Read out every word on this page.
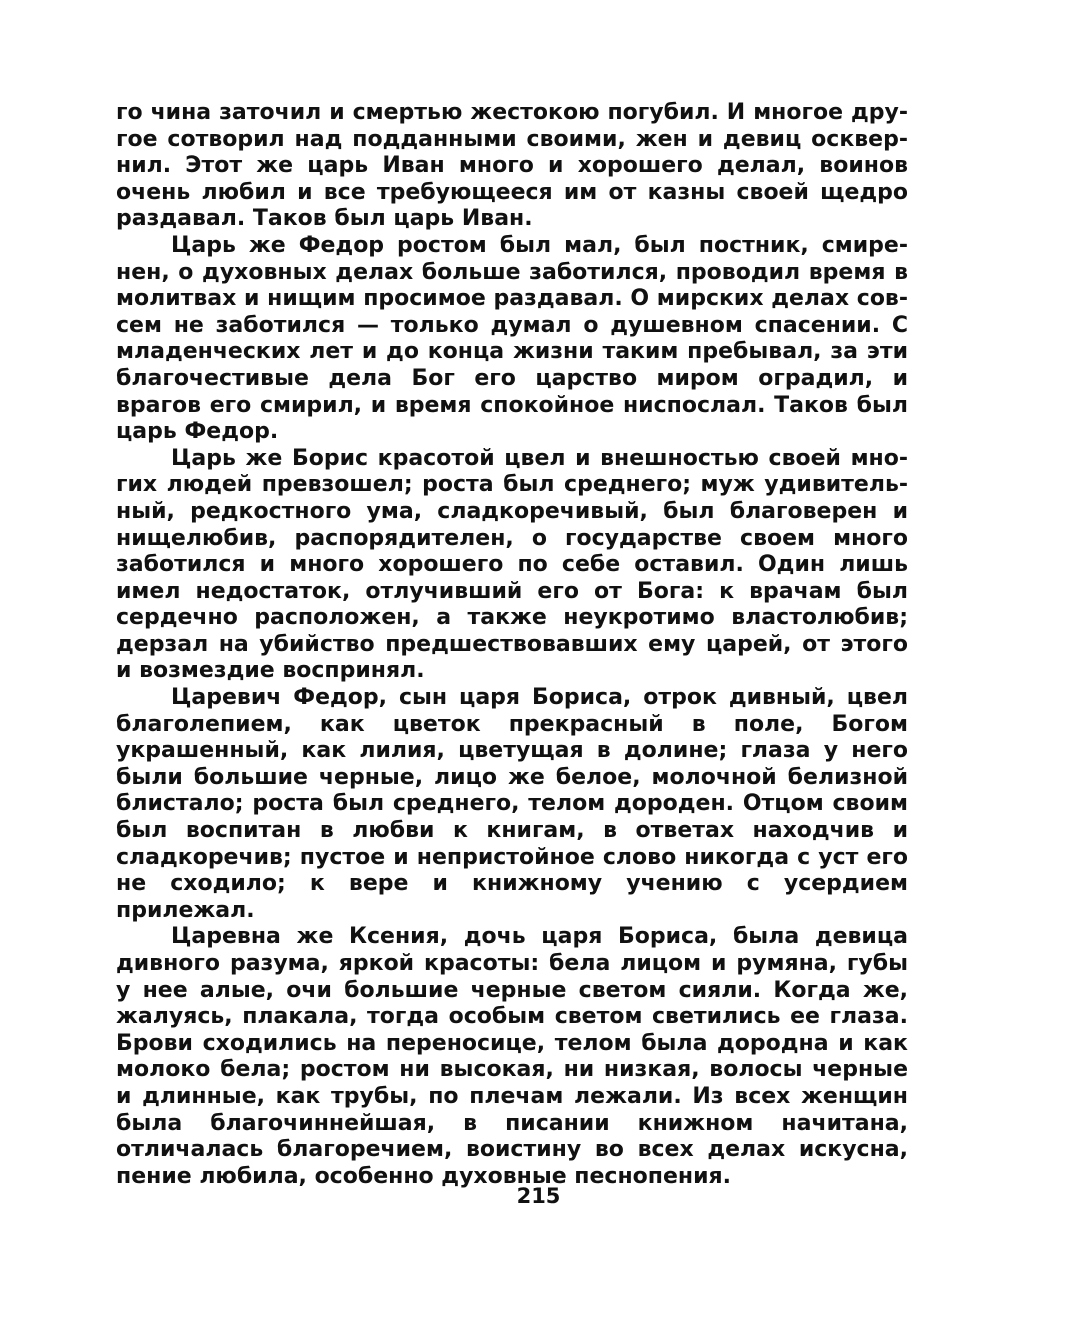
го чина заточил и смертью жестокою погубил. И многое другое сотворил над подданными своими, жен и девиц осквернил. Этот же царь Иван много и хорошего делал, воинов очень любил и все требующееся им от казны своей щедро раздавал. Таков был царь Иван.

Царь же Федор ростом был мал, был постник, смиренен, о духовных делах больше заботился, проводил время в молитвах и нищим просимое раздавал. О мирских делах совсем не заботился — только думал о душевном спасении. С младенческих лет и до конца жизни таким пребывал, за эти благочестивые дела Бог его царство миром оградил, и врагов его смирил, и время спокойное ниспослал. Таков был царь Федор.

Царь же Борис красотой цвел и внешностью своей многих людей превзошел; роста был среднего; муж удивительный, редкостного ума, сладкоречивый, был благоверен и нищелюбив, распорядителен, о государстве своем много заботился и много хорошего по себе оставил. Один лишь имел недостаток, отлучивший его от Бога: к врачам был сердечно расположен, а также неукротимо властолюбив; дерзал на убийство предшествовавших ему царей, от этого и возмездие воспринял.

Царевич Федор, сын царя Бориса, отрок дивный, цвел благолепием, как цветок прекрасный в поле, Богом украшенный, как лилия, цветущая в долине; глаза у него были большие черные, лицо же белое, молочной белизной блистало; роста был среднего, телом дороден. Отцом своим был воспитан в любви к книгам, в ответах находчив и сладкоречив; пустое и непристойное слово никогда с уст его не сходило; к вере и книжному учению с усердием прилежал.

Царевна же Ксения, дочь царя Бориса, была девица дивного разума, яркой красоты: бела лицом и румяна, губы у нее алые, очи большие черные светом сияли. Когда же, жалуясь, плакала, тогда особым светом светились ее глаза. Брови сходились на переносице, телом была дородна и как молоко бела; ростом ни высокая, ни низкая, волосы черные и длинные, как трубы, по плечам лежали. Из всех женщин была благочиннейшая, в писании книжном начитана, отличалась благоречием, воистину во всех делах искусна, пение любила, особенно духовные песнопения.

215
